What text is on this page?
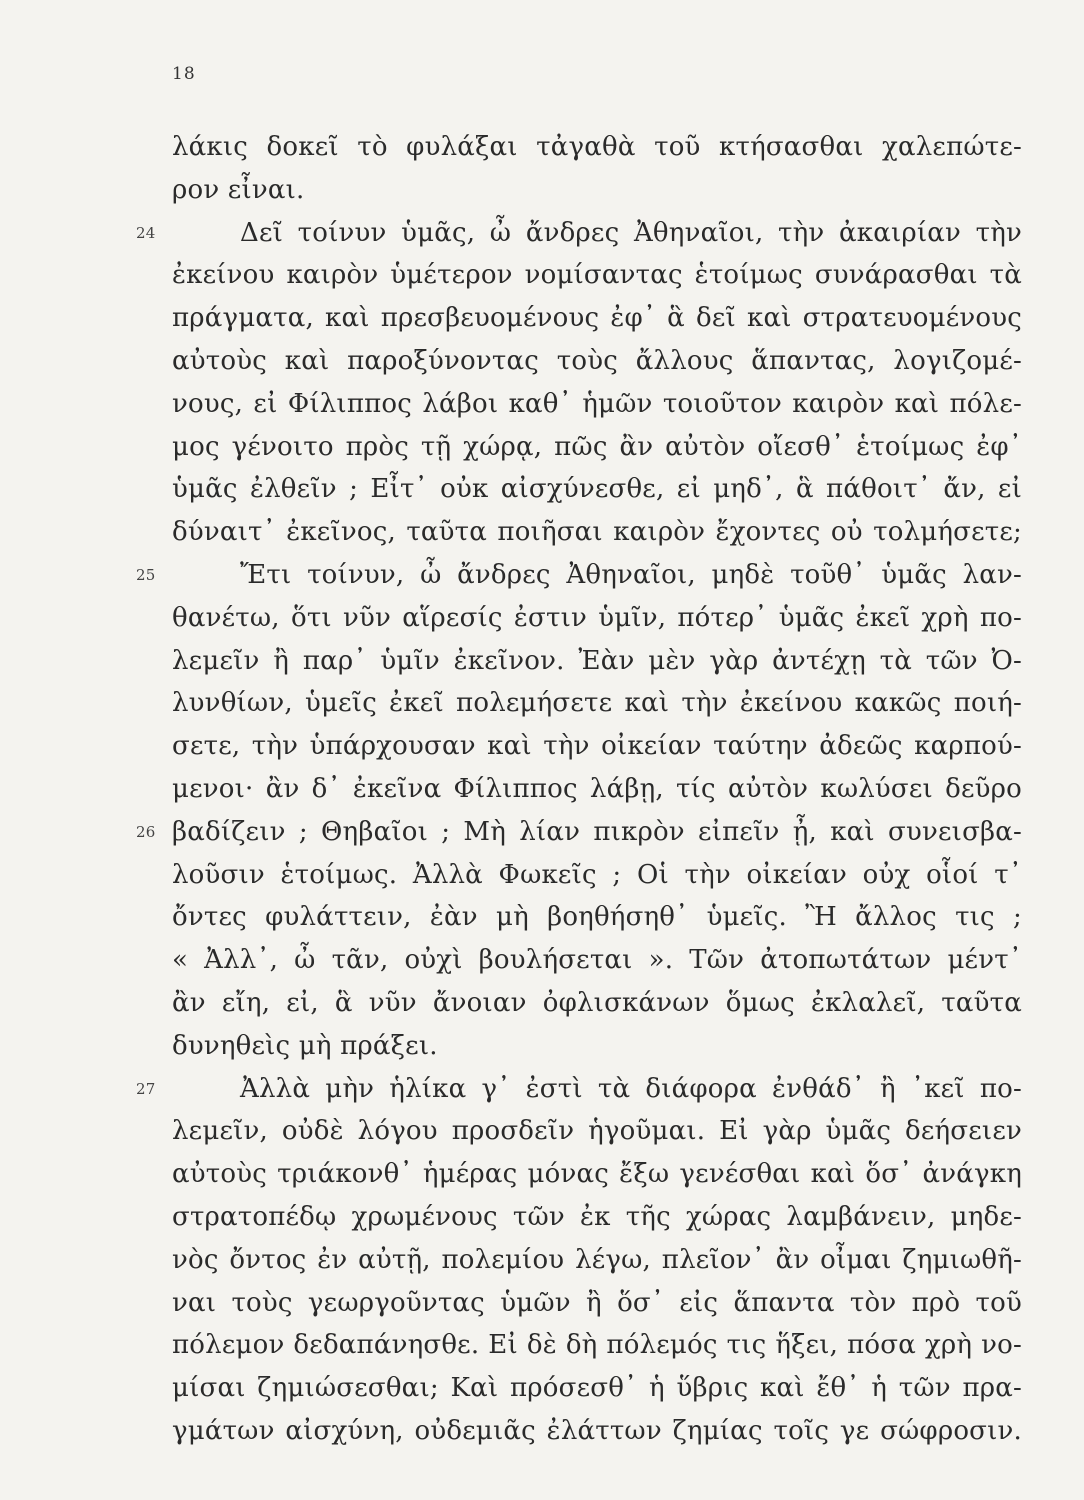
18
λάκις δοκεῖ τὸ φυλάξαι τἀγαθὰ τοῦ κτήσασθαι χαλεπώτε-
ρον εἶναι.
24	Δεῖ τοίνυν ὑμᾶς, ὦ ἄνδρες Ἀθηναῖοι, τὴν ἀκαιρίαν τὴν
ἐκείνου καιρὸν ὑμέτερον νομίσαντας ἑτοίμως συνάρασθαι τὰ
πράγματα, καὶ πρεσβευομένους ἐφ᾽ ἃ δεῖ καὶ στρατευομένους
αὐτοὺς καὶ παροξύνοντας τοὺς ἄλλους ἅπαντας, λογιζομέ-
νους, εἰ Φίλιππος λάβοι καθ᾽ ἡμῶν τοιοῦτον καιρὸν καὶ πόλε-
μος γένοιτο πρὸς τῇ χώρᾳ, πῶς ἂν αὐτὸν οἴεσθ᾽ ἑτοίμως ἐφ᾽
ὑμᾶς ἐλθεῖν ; Εἶτ᾽ οὐκ αἰσχύνεσθε, εἰ μηδ᾽, ἃ πάθοιτ᾽ ἄν, εἰ
δύναιτ᾽ ἐκεῖνος, ταῦτα ποιῆσαι καιρὸν ἔχοντες οὐ τολμήσετε;
25	Ἔτι τοίνυν, ὦ ἄνδρες Ἀθηναῖοι, μηδὲ τοῦθ᾽ ὑμᾶς λαν-
θανέτω, ὅτι νῦν αἵρεσίς ἐστιν ὑμῖν, πότερ᾽ ὑμᾶς ἐκεῖ χρὴ πο-
λεμεῖν ἢ παρ᾽ ὑμῖν ἐκεῖνον. Ἐὰν μὲν γὰρ ἀντέχῃ τὰ τῶν Ὀ-
λυνθίων, ὑμεῖς ἐκεῖ πολεμήσετε καὶ τὴν ἐκείνου κακῶς ποιή-
σετε, τὴν ὑπάρχουσαν καὶ τὴν οἰκείαν ταύτην ἀδεῶς καρπού-
μενοι· ἂν δ᾽ ἐκεῖνα Φίλιππος λάβῃ, τίς αὐτὸν κωλύσει δεῦρο
26 βαδίζειν ; Θηβαῖοι ; Μὴ λίαν πικρὸν εἰπεῖν ᾖ, καὶ συνεισβα-
λοῦσιν ἑτοίμως. Ἀλλὰ Φωκεῖς ; Οἱ τὴν οἰκείαν οὐχ οἷοί τ᾽
ὄντες φυλάττειν, ἐὰν μὴ βοηθήσηθ᾽ ὑμεῖς. Ἢ ἄλλος τις ;
« Ἀλλ᾽, ὦ τᾶν, οὐχὶ βουλήσεται ». Τῶν ἀτοπωτάτων μέντ᾽
ἂν εἴη, εἰ, ἃ νῦν ἄνοιαν ὀφλισκάνων ὅμως ἐκλαλεῖ, ταῦτα
δυνηθεὶς μὴ πράξει.
27	Ἀλλὰ μὴν ἡλίκα γ᾽ ἐστὶ τὰ διάφορα ἐνθάδ᾽ ἢ ᾽κεῖ πο-
λεμεῖν, οὐδὲ λόγου προσδεῖν ἡγοῦμαι. Εἰ γὰρ ὑμᾶς δεήσειεν
αὐτοὺς τριάκονθ᾽ ἡμέρας μόνας ἔξω γενέσθαι καὶ ὅσ᾽ ἀνάγκη
στρατοπέδῳ χρωμένους τῶν ἐκ τῆς χώρας λαμβάνειν, μηδε-
νὸς ὄντος ἐν αὐτῇ, πολεμίου λέγω, πλεῖον᾽ ἂν οἶμαι ζημιωθῆ-
ναι τοὺς γεωργοῦντας ὑμῶν ἢ ὅσ᾽ εἰς ἅπαντα τὸν πρὸ τοῦ
πόλεμον δεδαπάνησθε. Εἰ δὲ δὴ πόλεμός τις ἥξει, πόσα χρὴ νο-
μίσαι ζημιώσεσθαι; Καὶ πρόσεσθ᾽ ἡ ὕβρις καὶ ἔθ᾽ ἡ τῶν πρα-
γμάτων αἰσχύνη, οὐδεμιᾶς ἐλάττων ζημίας τοῖς γε σώφροσιν.
